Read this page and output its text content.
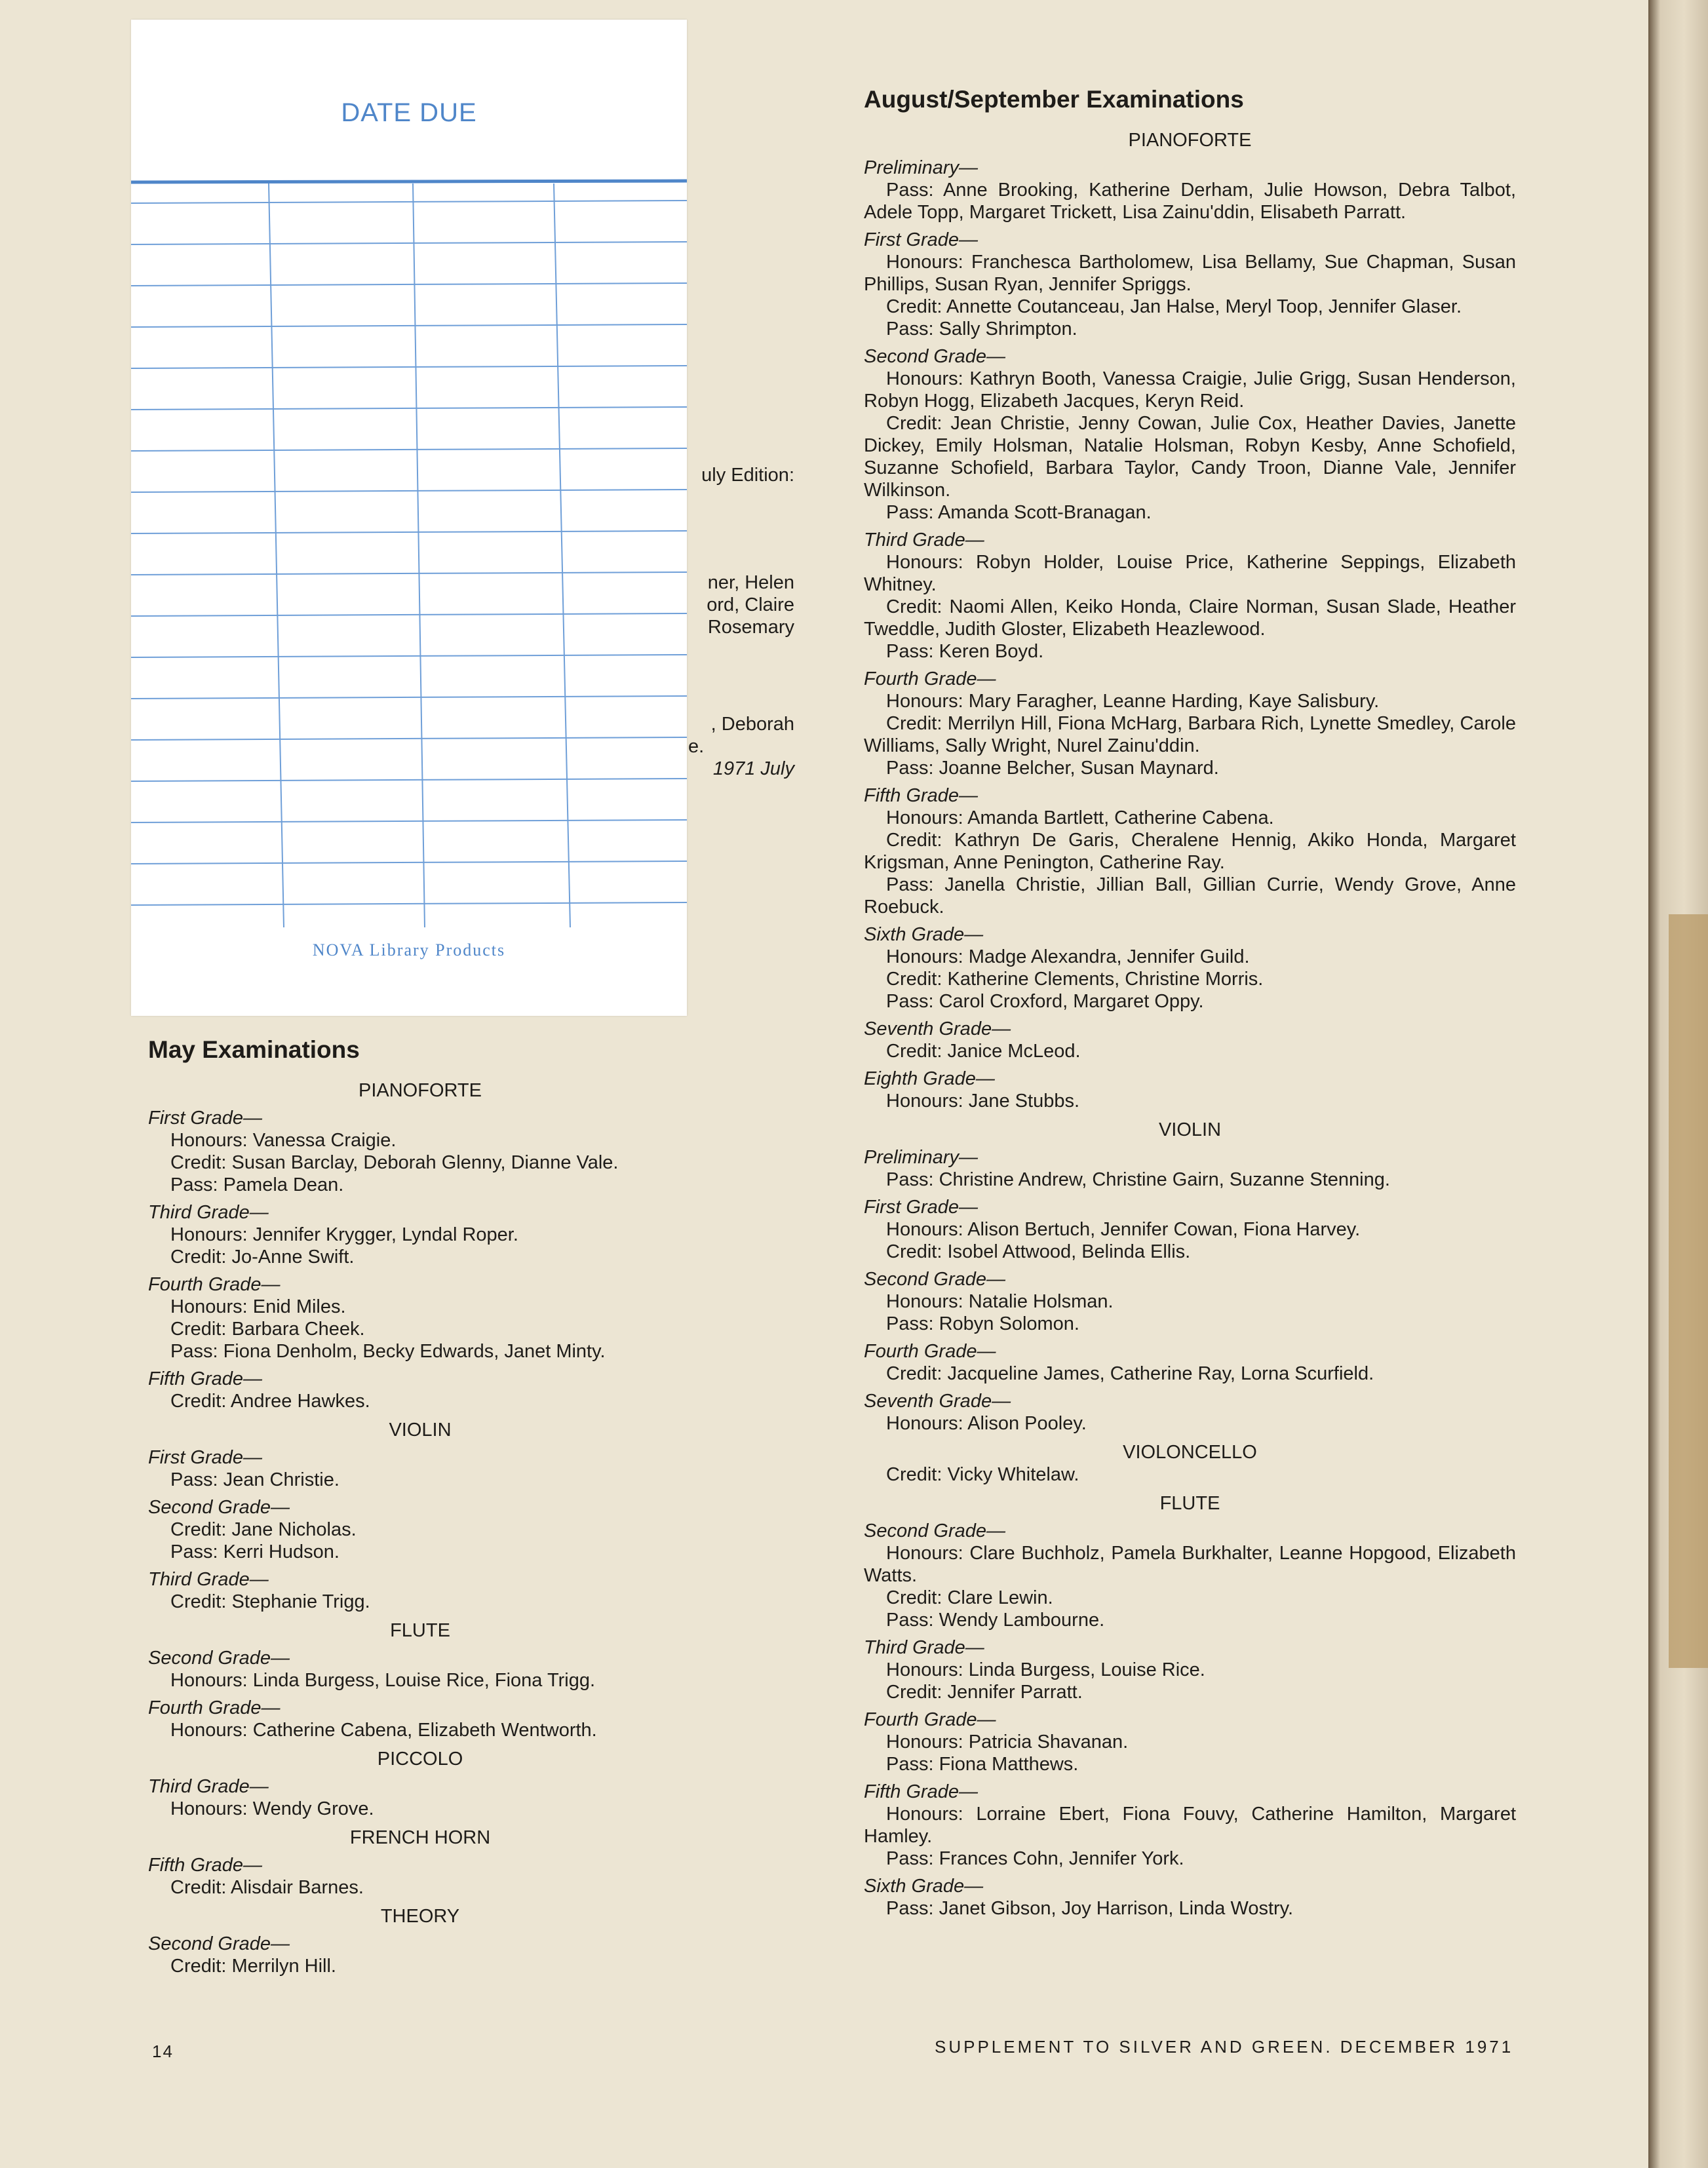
uly Edition:
ner, Helen
ord, Claire
Rosemary
, Deborah
e.
1971 July
DATE DUE
NOVA Library Products
May Examinations
PIANOFORTE
First Grade—
Honours: Vanessa Craigie.
Credit: Susan Barclay, Deborah Glenny, Dianne Vale.
Pass: Pamela Dean.
Third Grade—
Honours: Jennifer Krygger, Lyndal Roper.
Credit: Jo-Anne Swift.
Fourth Grade—
Honours: Enid Miles.
Credit: Barbara Cheek.
Pass: Fiona Denholm, Becky Edwards, Janet Minty.
Fifth Grade—
Credit: Andree Hawkes.
VIOLIN
First Grade—
Pass: Jean Christie.
Second Grade—
Credit: Jane Nicholas.
Pass: Kerri Hudson.
Third Grade—
Credit: Stephanie Trigg.
FLUTE
Second Grade—
Honours: Linda Burgess, Louise Rice, Fiona Trigg.
Fourth Grade—
Honours: Catherine Cabena, Elizabeth Wentworth.
PICCOLO
Third Grade—
Honours: Wendy Grove.
FRENCH HORN
Fifth Grade—
Credit: Alisdair Barnes.
THEORY
Second Grade—
Credit: Merrilyn Hill.
August/September Examinations
PIANOFORTE
Preliminary—
Pass: Anne Brooking, Katherine Derham, Julie Howson, Debra Talbot, Adele Topp, Margaret Trickett, Lisa Zainu'ddin, Elisabeth Parratt.
First Grade—
Honours: Franchesca Bartholomew, Lisa Bellamy, Sue Chapman, Susan Phillips, Susan Ryan, Jennifer Spriggs.
Credit: Annette Coutanceau, Jan Halse, Meryl Toop, Jennifer Glaser.
Pass: Sally Shrimpton.
Second Grade—
Honours: Kathryn Booth, Vanessa Craigie, Julie Grigg, Susan Henderson, Robyn Hogg, Elizabeth Jacques, Keryn Reid.
Credit: Jean Christie, Jenny Cowan, Julie Cox, Heather Davies, Janette Dickey, Emily Holsman, Natalie Holsman, Robyn Kesby, Anne Schofield, Suzanne Schofield, Barbara Taylor, Candy Troon, Dianne Vale, Jennifer Wilkinson.
Pass: Amanda Scott-Branagan.
Third Grade—
Honours: Robyn Holder, Louise Price, Katherine Seppings, Elizabeth Whitney.
Credit: Naomi Allen, Keiko Honda, Claire Norman, Susan Slade, Heather Tweddle, Judith Gloster, Elizabeth Heazlewood.
Pass: Keren Boyd.
Fourth Grade—
Honours: Mary Faragher, Leanne Harding, Kaye Salisbury.
Credit: Merrilyn Hill, Fiona McHarg, Barbara Rich, Lynette Smedley, Carole Williams, Sally Wright, Nurel Zainu'ddin.
Pass: Joanne Belcher, Susan Maynard.
Fifth Grade—
Honours: Amanda Bartlett, Catherine Cabena.
Credit: Kathryn De Garis, Cheralene Hennig, Akiko Honda, Margaret Krigsman, Anne Penington, Catherine Ray.
Pass: Janella Christie, Jillian Ball, Gillian Currie, Wendy Grove, Anne Roebuck.
Sixth Grade—
Honours: Madge Alexandra, Jennifer Guild.
Credit: Katherine Clements, Christine Morris.
Pass: Carol Croxford, Margaret Oppy.
Seventh Grade—
Credit: Janice McLeod.
Eighth Grade—
Honours: Jane Stubbs.
VIOLIN
Preliminary—
Pass: Christine Andrew, Christine Gairn, Suzanne Stenning.
First Grade—
Honours: Alison Bertuch, Jennifer Cowan, Fiona Harvey.
Credit: Isobel Attwood, Belinda Ellis.
Second Grade—
Honours: Natalie Holsman.
Pass: Robyn Solomon.
Fourth Grade—
Credit: Jacqueline James, Catherine Ray, Lorna Scurfield.
Seventh Grade—
Honours: Alison Pooley.
VIOLONCELLO
Credit: Vicky Whitelaw.
FLUTE
Second Grade—
Honours: Clare Buchholz, Pamela Burkhalter, Leanne Hopgood, Elizabeth Watts.
Credit: Clare Lewin.
Pass: Wendy Lambourne.
Third Grade—
Honours: Linda Burgess, Louise Rice.
Credit: Jennifer Parratt.
Fourth Grade—
Honours: Patricia Shavanan.
Pass: Fiona Matthews.
Fifth Grade—
Honours: Lorraine Ebert, Fiona Fouvy, Catherine Hamilton, Margaret Hamley.
Pass: Frances Cohn, Jennifer York.
Sixth Grade—
Pass: Janet Gibson, Joy Harrison, Linda Wostry.
14	SUPPLEMENT TO SILVER AND GREEN. DECEMBER 1971
